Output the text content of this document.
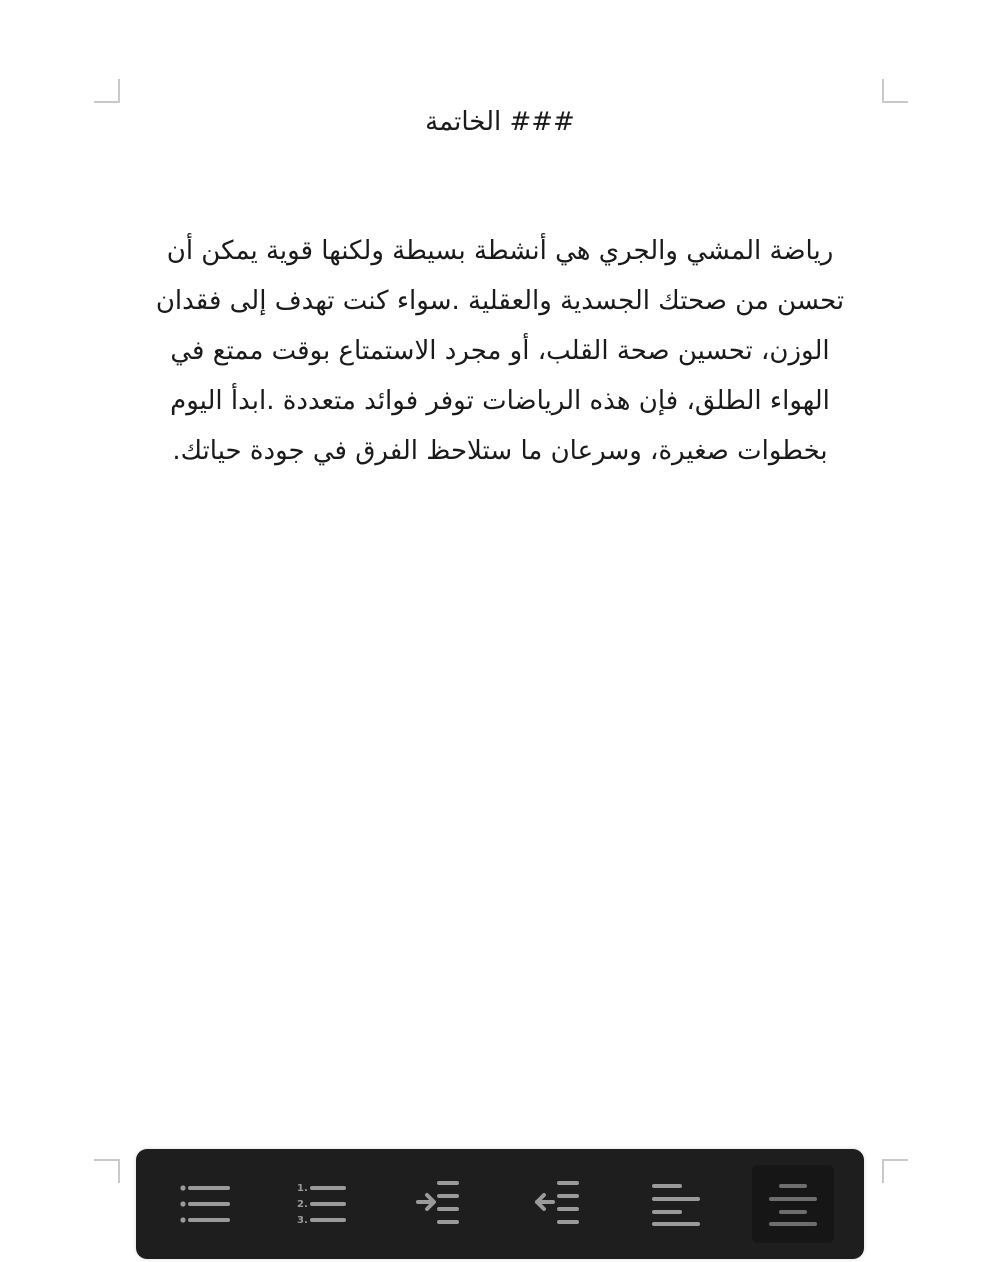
### الخاتمة
رياضة المشي والجري هي أنشطة بسيطة ولكنها قوية يمكن أن
تحسن من صحتك الجسدية والعقلية .سواء كنت تهدف إلى فقدان
الوزن، تحسين صحة القلب، أو مجرد الاستمتاع بوقت ممتع في
الهواء الطلق، فإن هذه الرياضات توفر فوائد متعددة .ابدأ اليوم
بخطوات صغيرة، وسرعان ما ستلاحظ الفرق في جودة حياتك.
1.
2.
3.
